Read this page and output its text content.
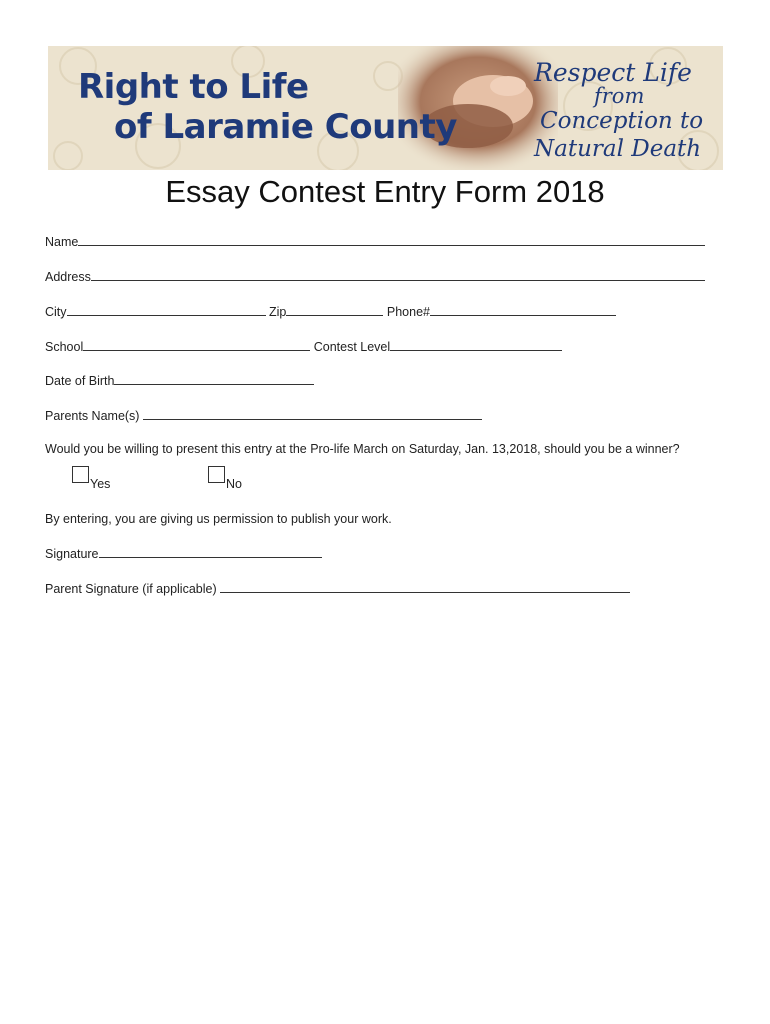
Right to Life
of Laramie County
Respect Life
from
Conception to
Natural Death
Essay Contest Entry Form 2018
Name
Address
City	Zip	Phone#
School	Contest Level
Date of Birth
Parents Name(s)
Would you be willing to present this entry at the Pro-life March on Saturday, Jan. 13,2018, should you be a winner?
Yes	No
By entering, you are giving us permission to publish your work.
Signature
Parent Signature (if applicable)
